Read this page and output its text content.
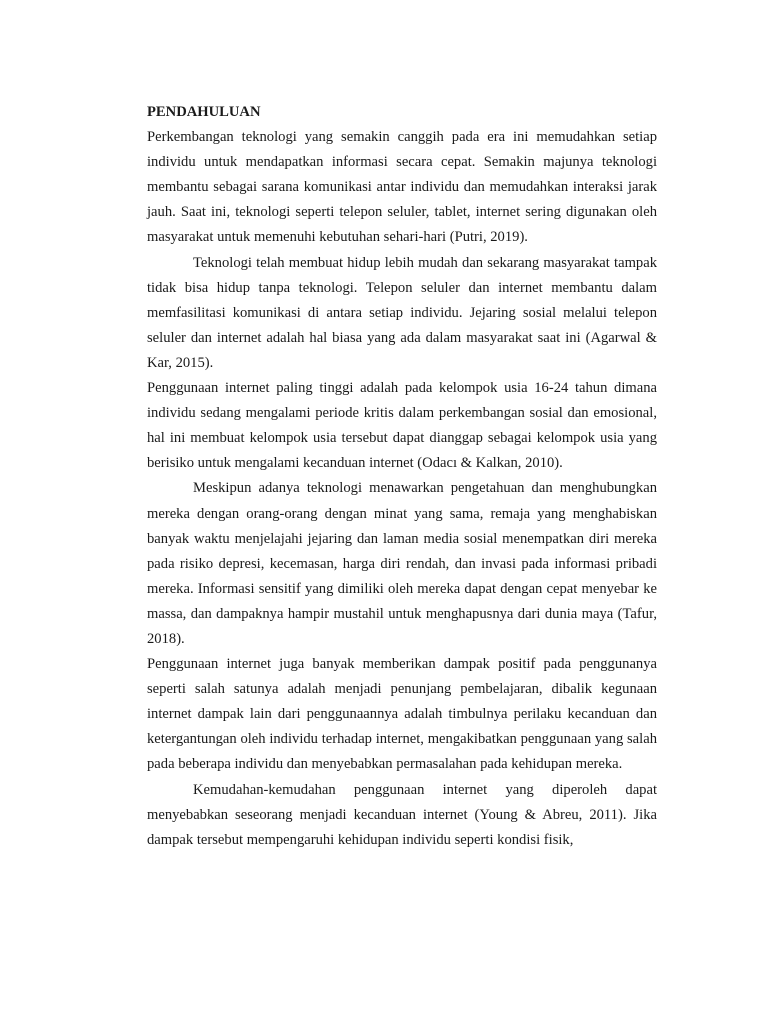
PENDAHULUAN

Perkembangan teknologi yang semakin canggih pada era ini memudahkan setiap individu untuk mendapatkan informasi secara cepat. Semakin majunya teknologi membantu sebagai sarana komunikasi antar individu dan memudahkan interaksi jarak jauh. Saat ini, teknologi seperti telepon seluler, tablet, internet sering digunakan oleh masyarakat untuk memenuhi kebutuhan sehari-hari (Putri, 2019).

Teknologi telah membuat hidup lebih mudah dan sekarang masyarakat tampak tidak bisa hidup tanpa teknologi. Telepon seluler dan internet membantu dalam memfasilitasi komunikasi di antara setiap individu. Jejaring sosial melalui telepon seluler dan internet adalah hal biasa yang ada dalam masyarakat saat ini (Agarwal & Kar, 2015).

Penggunaan internet paling tinggi adalah pada kelompok usia 16-24 tahun dimana individu sedang mengalami periode kritis dalam perkembangan sosial dan emosional, hal ini membuat kelompok usia tersebut dapat dianggap sebagai kelompok usia yang berisiko untuk mengalami kecanduan internet (Odacı & Kalkan, 2010).

Meskipun adanya teknologi menawarkan pengetahuan dan menghubungkan mereka dengan orang-orang dengan minat yang sama, remaja yang menghabiskan banyak waktu menjelajahi jejaring dan laman media sosial menempatkan diri mereka pada risiko depresi, kecemasan, harga diri rendah, dan invasi pada informasi pribadi mereka. Informasi sensitif yang dimiliki oleh mereka dapat dengan cepat menyebar ke massa, dan dampaknya hampir mustahil untuk menghapusnya dari dunia maya (Tafur, 2018).

Penggunaan internet juga banyak memberikan dampak positif pada penggunanya seperti salah satunya adalah menjadi penunjang pembelajaran, dibalik kegunaan internet dampak lain dari penggunaannya adalah timbulnya perilaku kecanduan dan ketergantungan oleh individu terhadap internet, mengakibatkan penggunaan yang salah pada beberapa individu dan menyebabkan permasalahan pada kehidupan mereka.

Kemudahan-kemudahan penggunaan internet yang diperoleh dapat menyebabkan seseorang menjadi kecanduan internet (Young & Abreu, 2011). Jika dampak tersebut mempengaruhi kehidupan individu seperti kondisi fisik,
